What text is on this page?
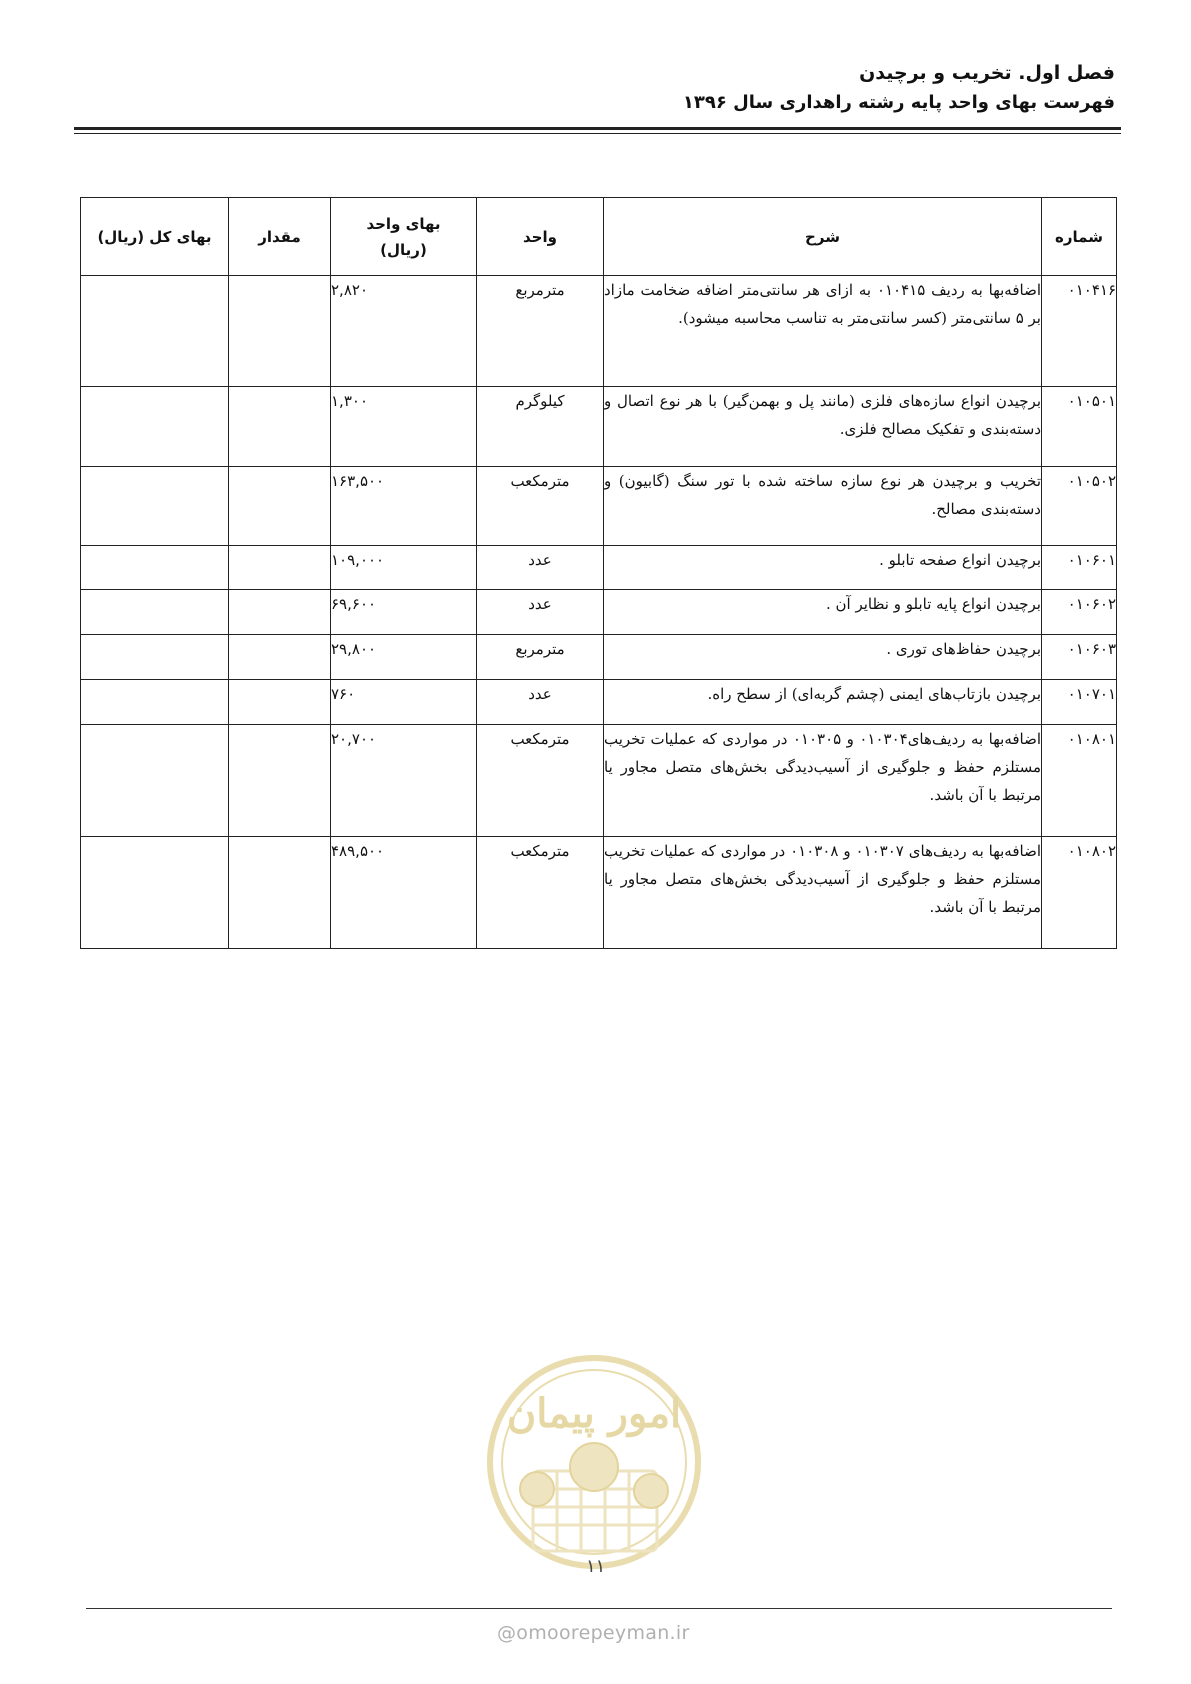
فصل اول. تخریب و برچیدن
فهرست بهای واحد پایه رشته راهداری سال ۱۳۹۶
شماره	شرح	واحد	بهای واحد (ریال)	مقدار	بهای کل (ریال)
۰۱۰۴۱۶	اضافه‌بها به ردیف ۰۱۰۴۱۵ به ازای هر سانتی‌متر اضافه ضخامت مازاد بر ۵ سانتی‌متر (کسر سانتی‌متر به تناسب محاسبه میشود).	مترمربع	۲,۸۲۰		
۰۱۰۵۰۱	برچیدن انواع سازه‌های فلزی (مانند پل و بهمن‌گیر) با هر نوع اتصال و دسته‌بندی و تفکیک مصالح فلزی.	کیلوگرم	۱,۳۰۰		
۰۱۰۵۰۲	تخریب و برچیدن هر نوع سازه ساخته شده با تور سنگ (گابیون) و دسته‌بندی مصالح.	مترمکعب	۱۶۳,۵۰۰		
۰۱۰۶۰۱	برچیدن انواع صفحه تابلو .	عدد	۱۰۹,۰۰۰		
۰۱۰۶۰۲	برچیدن انواع پایه تابلو و نظایر آن .	عدد	۶۹,۶۰۰		
۰۱۰۶۰۳	برچیدن حفاظ‌های توری .	مترمربع	۲۹,۸۰۰		
۰۱۰۷۰۱	برچیدن بازتاب‌های ایمنی (چشم گربه‌ای) از سطح راه.	عدد	۷۶۰		
۰۱۰۸۰۱	اضافه‌بها به ردیف‌های۰۱۰۳۰۴ و ۰۱۰۳۰۵ در مواردی که عملیات تخریب مستلزم حفظ و جلوگیری از آسیب‌دیدگی بخش‌های متصل مجاور یا مرتبط با آن باشد.	مترمکعب	۲۰,۷۰۰		
۰۱۰۸۰۲	اضافه‌بها به ردیف‌های ۰۱۰۳۰۷ و ۰۱۰۳۰۸ در مواردی که عملیات تخریب مستلزم حفظ و جلوگیری از آسیب‌دیدگی بخش‌های متصل مجاور یا مرتبط با آن باشد.	مترمکعب	۴۸۹,۵۰۰		
امور پیمان
۱۱
@omoorepeyman.ir
